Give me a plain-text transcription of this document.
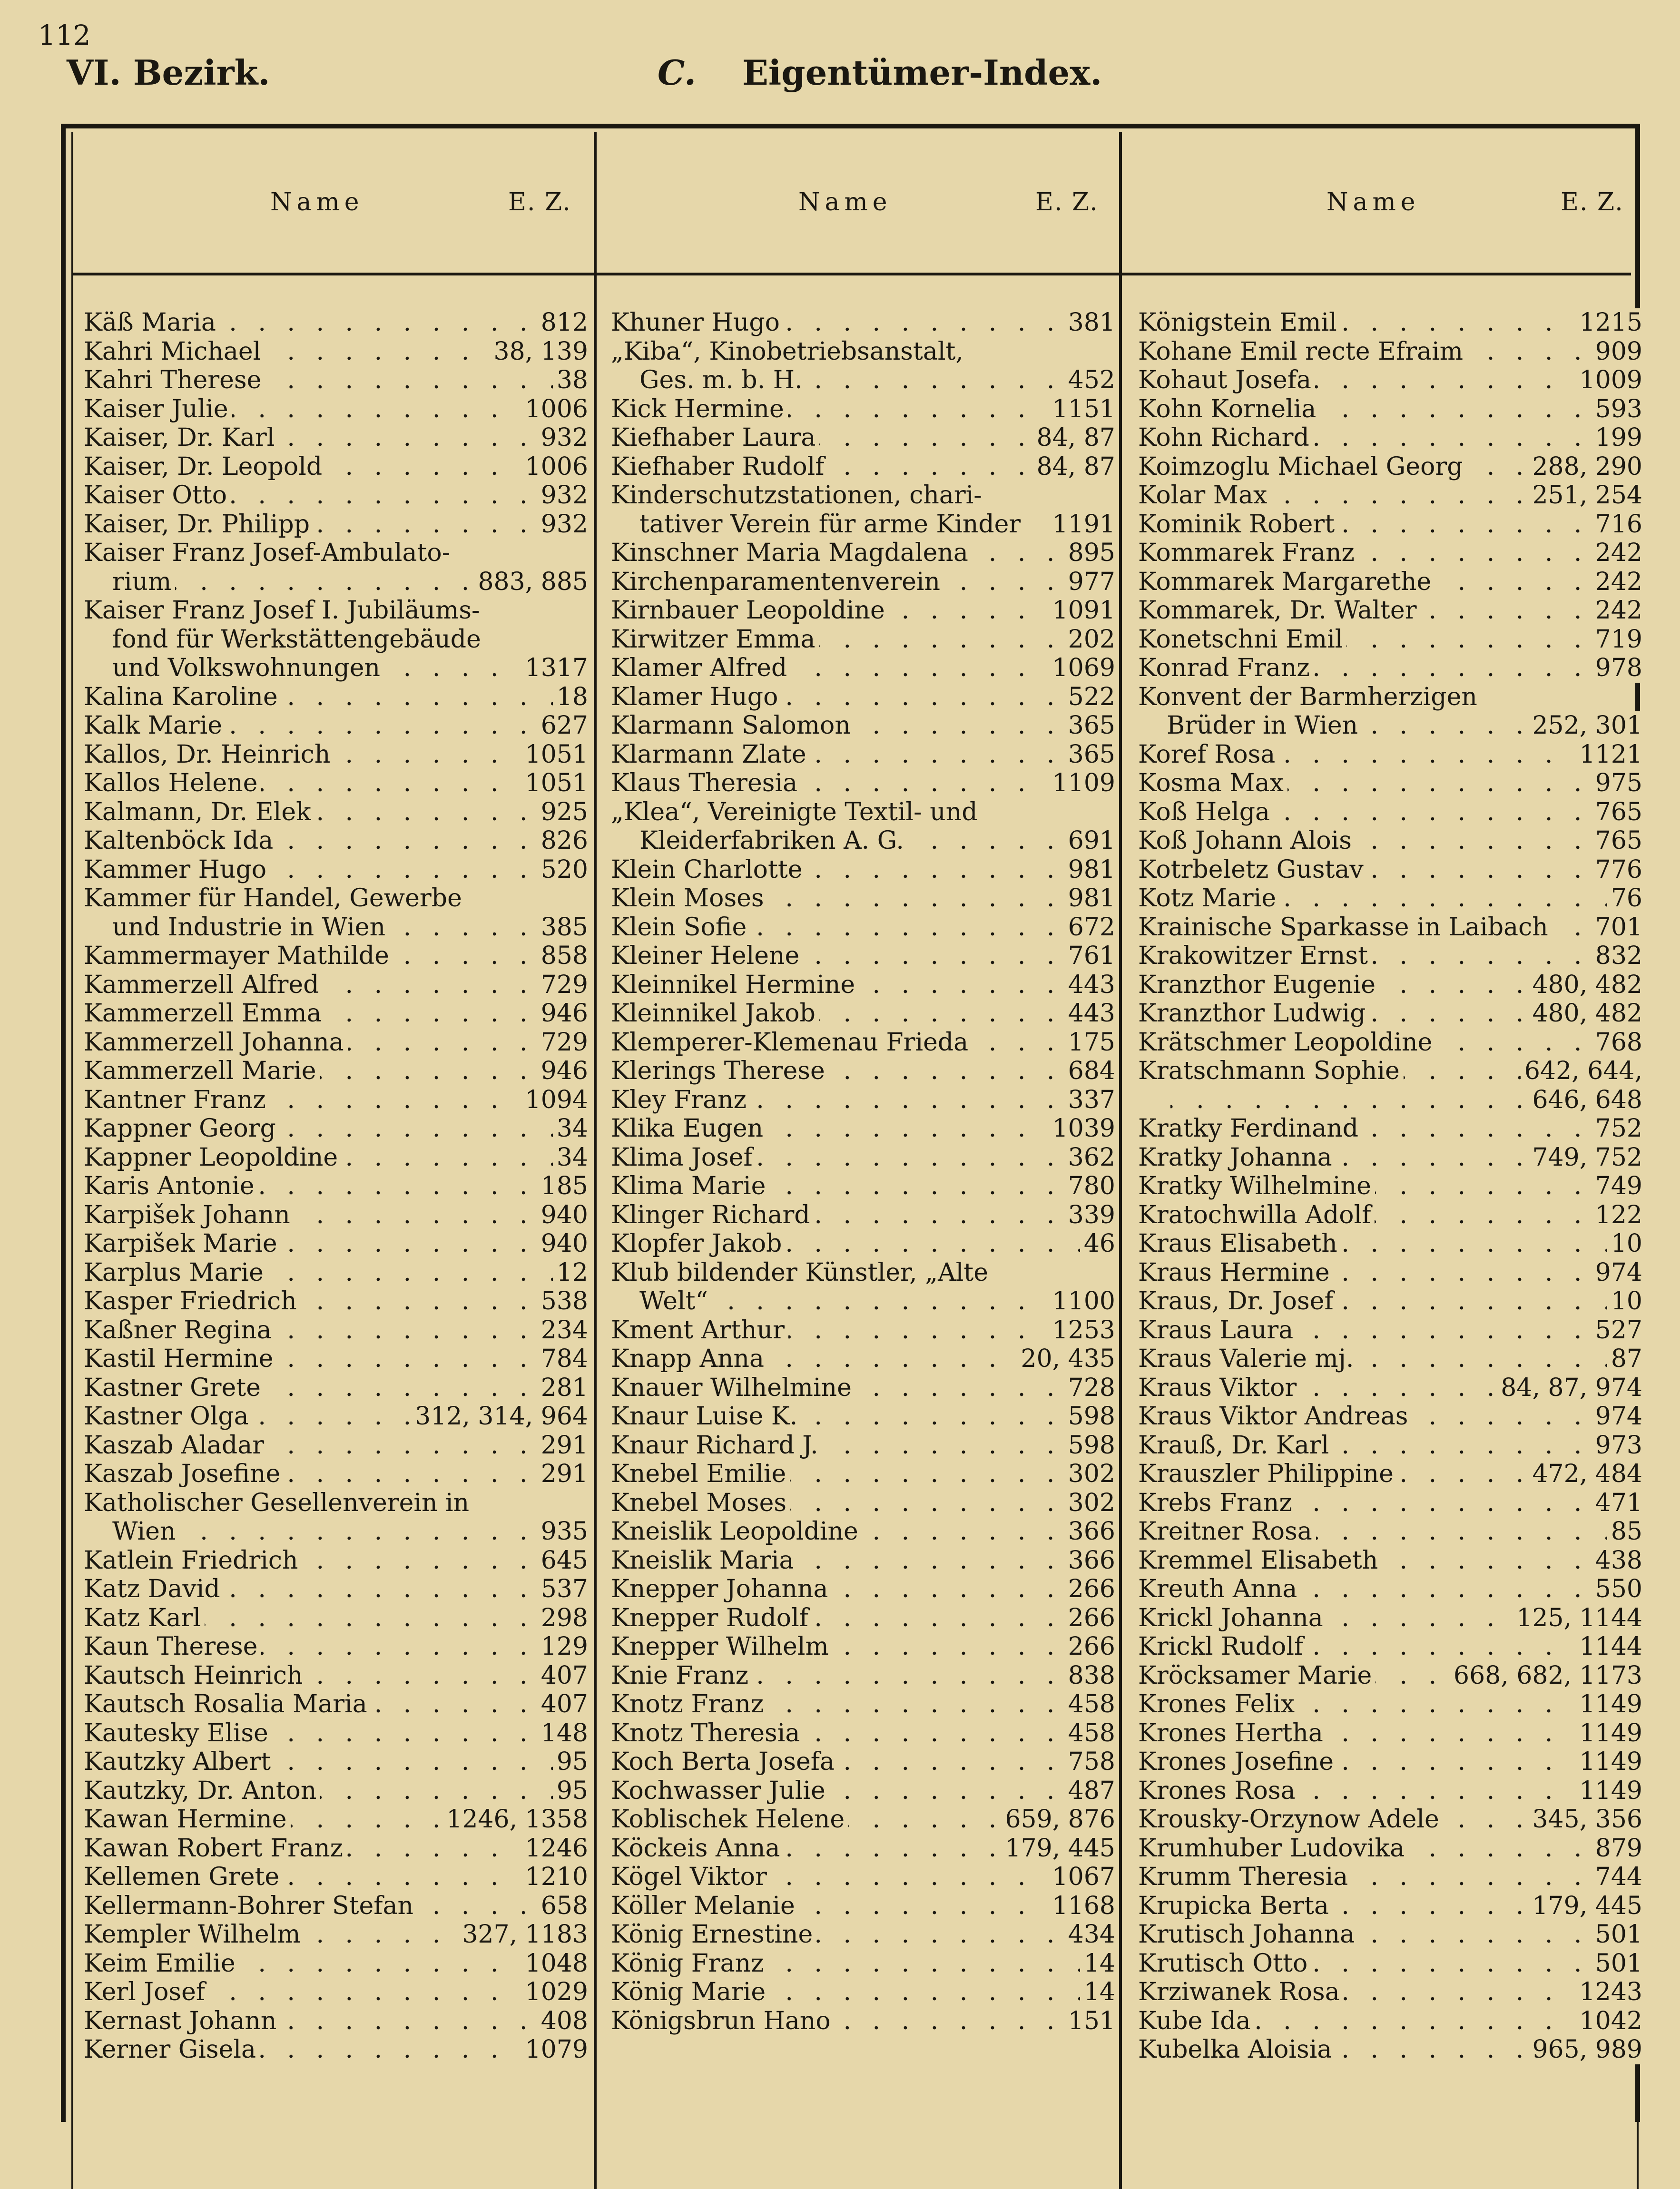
112
VI. Bezirk.	C. Eigentümer-Index.
Name	E. Z.	Name	E. Z.	Name	E. Z.
Käß Maria	812
. . .
Kahri Michael	38, 139
. . .
Kahri Therese	38
. . .
Kaiser Julie	1006
. . .
Kaiser, Dr. Karl	932
. . .
Kaiser, Dr. Leopold	1006
. . .
Kaiser Otto	932
. . .
Kaiser, Dr. Philipp	932
. . .
Kaiser Franz Josef-Ambulato-
rium	883, 885
. . .
Kaiser Franz Josef I. Jubiläums-
fond für Werkstättengebäude
und Volkswohnungen	1317
. . .
Kalina Karoline	18
. . .
Kalk Marie	627
. . .
Kallos, Dr. Heinrich	1051
. . .
Kallos Helene	1051
. . .
Kalmann, Dr. Elek	925
. . .
Kaltenböck Ida	826
. . .
Kammer Hugo	520
. . .
Kammer für Handel, Gewerbe
und Industrie in Wien	385
. . .
Kammermayer Mathilde	858
. . .
Kammerzell Alfred	729
. . .
Kammerzell Emma	946
. . .
Kammerzell Johanna	729
. . .
Kammerzell Marie	946
. . .
Kantner Franz	1094
. . .
Kappner Georg	34
. . .
Kappner Leopoldine	34
. . .
Karis Antonie	185
. . .
Karpišek Johann	940
. . .
Karpišek Marie	940
. . .
Karplus Marie	12
. . .
Kasper Friedrich	538
. . .
Kaßner Regina	234
. . .
Kastil Hermine	784
. . .
Kastner Grete	281
. . .
Kastner Olga	312, 314, 964
. . .
Kaszab Aladar	291
. . .
Kaszab Josefine	291
. . .
Katholischer Gesellenverein in
Wien	935
. . .
Katlein Friedrich	645
. . .
Katz David	537
. . .
Katz Karl	298
. . .
Kaun Therese	129
. . .
Kautsch Heinrich	407
. . .
Kautsch Rosalia Maria	407
. . .
Kautesky Elise	148
. . .
Kautzky Albert	95
. . .
Kautzky, Dr. Anton	95
. . .
Kawan Hermine	1246, 1358
. . .
Kawan Robert Franz	1246
. . .
Kellemen Grete	1210
. . .
Kellermann-Bohrer Stefan	658
. . .
Kempler Wilhelm	327, 1183
. . .
Keim Emilie	1048
. . .
Kerl Josef	1029
. . .
Kernast Johann	408
. . .
Kerner Gisela	1079
. . .
Khuner Hugo	381
. . .
„Kiba“, Kinobetriebsanstalt,
Ges. m. b. H.	452
. . .
Kick Hermine	1151
. . .
Kiefhaber Laura	84, 87
. . .
Kiefhaber Rudolf	84, 87
. . .
Kinderschutzstationen, chari-
tativer Verein für arme Kinder 1191
. . .
Kinschner Maria Magdalena	895
. . .
Kirchenparamentenverein	977
. . .
Kirnbauer Leopoldine	1091
. . .
Kirwitzer Emma	202
. . .
Klamer Alfred	1069
. . .
Klamer Hugo	522
. . .
Klarmann Salomon	365
. . .
Klarmann Zlate	365
. . .
Klaus Theresia	1109
. . .
„Klea“, Vereinigte Textil- und
Kleiderfabriken A. G.	691
. . .
Klein Charlotte	981
. . .
Klein Moses	981
. . .
Klein Sofie	672
. . .
Kleiner Helene	761
. . .
Kleinnikel Hermine	443
. . .
Kleinnikel Jakob	443
. . .
Klemperer-Klemenau Frieda	175
. . .
Klerings Therese	684
. . .
Kley Franz	337
. . .
Klika Eugen	1039
. . .
Klima Josef	362
. . .
Klima Marie	780
. . .
Klinger Richard	339
. . .
Klopfer Jakob	46
. . .
Klub bildender Künstler, „Alte
Welt“	1100
. . .
Kment Arthur	1253
. . .
Knapp Anna	20, 435
. . .
Knauer Wilhelmine	728
. . .
Knaur Luise K.	598
. . .
Knaur Richard J.	598
. . .
Knebel Emilie	302
. . .
Knebel Moses	302
. . .
Kneislik Leopoldine	366
. . .
Kneislik Maria	366
. . .
Knepper Johanna	266
. . .
Knepper Rudolf	266
. . .
Knepper Wilhelm	266
. . .
Knie Franz	838
. . .
Knotz Franz	458
. . .
Knotz Theresia	458
. . .
Koch Berta Josefa	758
. . .
Kochwasser Julie	487
. . .
Koblischek Helene	659, 876
. . .
Köckeis Anna	179, 445
. . .
Kögel Viktor	1067
. . .
Köller Melanie	1168
. . .
König Ernestine	434
. . .
König Franz	14
. . .
König Marie	14
. . .
Königsbrun Hano	151
. . .
Königstein Emil	1215
. . .
Kohane Emil recte Efraim	909
. . .
Kohaut Josefa	1009
. . .
Kohn Kornelia	593
. . .
Kohn Richard	199
. . .
Koimzoglu Michael Georg	288, 290
. . .
Kolar Max	251, 254
. . .
Kominik Robert	716
. . .
Kommarek Franz	242
. . .
Kommarek Margarethe	242
. . .
Kommarek, Dr. Walter	242
. . .
Konetschni Emil	719
. . .
Konrad Franz	978
. . .
Konvent der Barmherzigen
Brüder in Wien	252, 301
. . .
Koref Rosa	1121
. . .
Kosma Max	975
. . .
Koß Helga	765
. . .
Koß Johann Alois	765
. . .
Kotrbeletz Gustav	776
. . .
Kotz Marie	76
. . .
Krainische Sparkasse in Laibach 701
. . .
Krakowitzer Ernst	832
. . .
Kranzthor Eugenie	480, 482
. . .
Kranzthor Ludwig	480, 482
. . .
Krätschmer Leopoldine	768
. . .
Kratschmann Sophie	642, 644,
. . .
646, 648
. . .
Kratky Ferdinand	752
. . .
Kratky Johanna	749, 752
. . .
Kratky Wilhelmine	749
. . .
Kratochwilla Adolf	122
. . .
Kraus Elisabeth	10
. . .
Kraus Hermine	974
. . .
Kraus, Dr. Josef	10
. . .
Kraus Laura	527
. . .
Kraus Valerie mj.	87
. . .
Kraus Viktor	84, 87, 974
. . .
Kraus Viktor Andreas	974
. . .
Krauß, Dr. Karl	973
. . .
Krauszler Philippine	472, 484
. . .
Krebs Franz	471
. . .
Kreitner Rosa	85
. . .
Kremmel Elisabeth	438
. . .
Kreuth Anna	550
. . .
Krickl Johanna	125, 1144
. . .
Krickl Rudolf	1144
. . .
Kröcksamer Marie	668, 682, 1173
. . .
Krones Felix	1149
. . .
Krones Hertha	1149
. . .
Krones Josefine	1149
. . .
Krones Rosa	1149
. . .
Krousky-Orzynow Adele	345, 356
. . .
Krumhuber Ludovika	879
. . .
Krumm Theresia	744
. . .
Krupicka Berta	179, 445
. . .
Krutisch Johanna	501
. . .
Krutisch Otto	501
. . .
Krziwanek Rosa	1243
. . .
Kube Ida	1042
. . .
Kubelka Aloisia	965, 989
. . .
